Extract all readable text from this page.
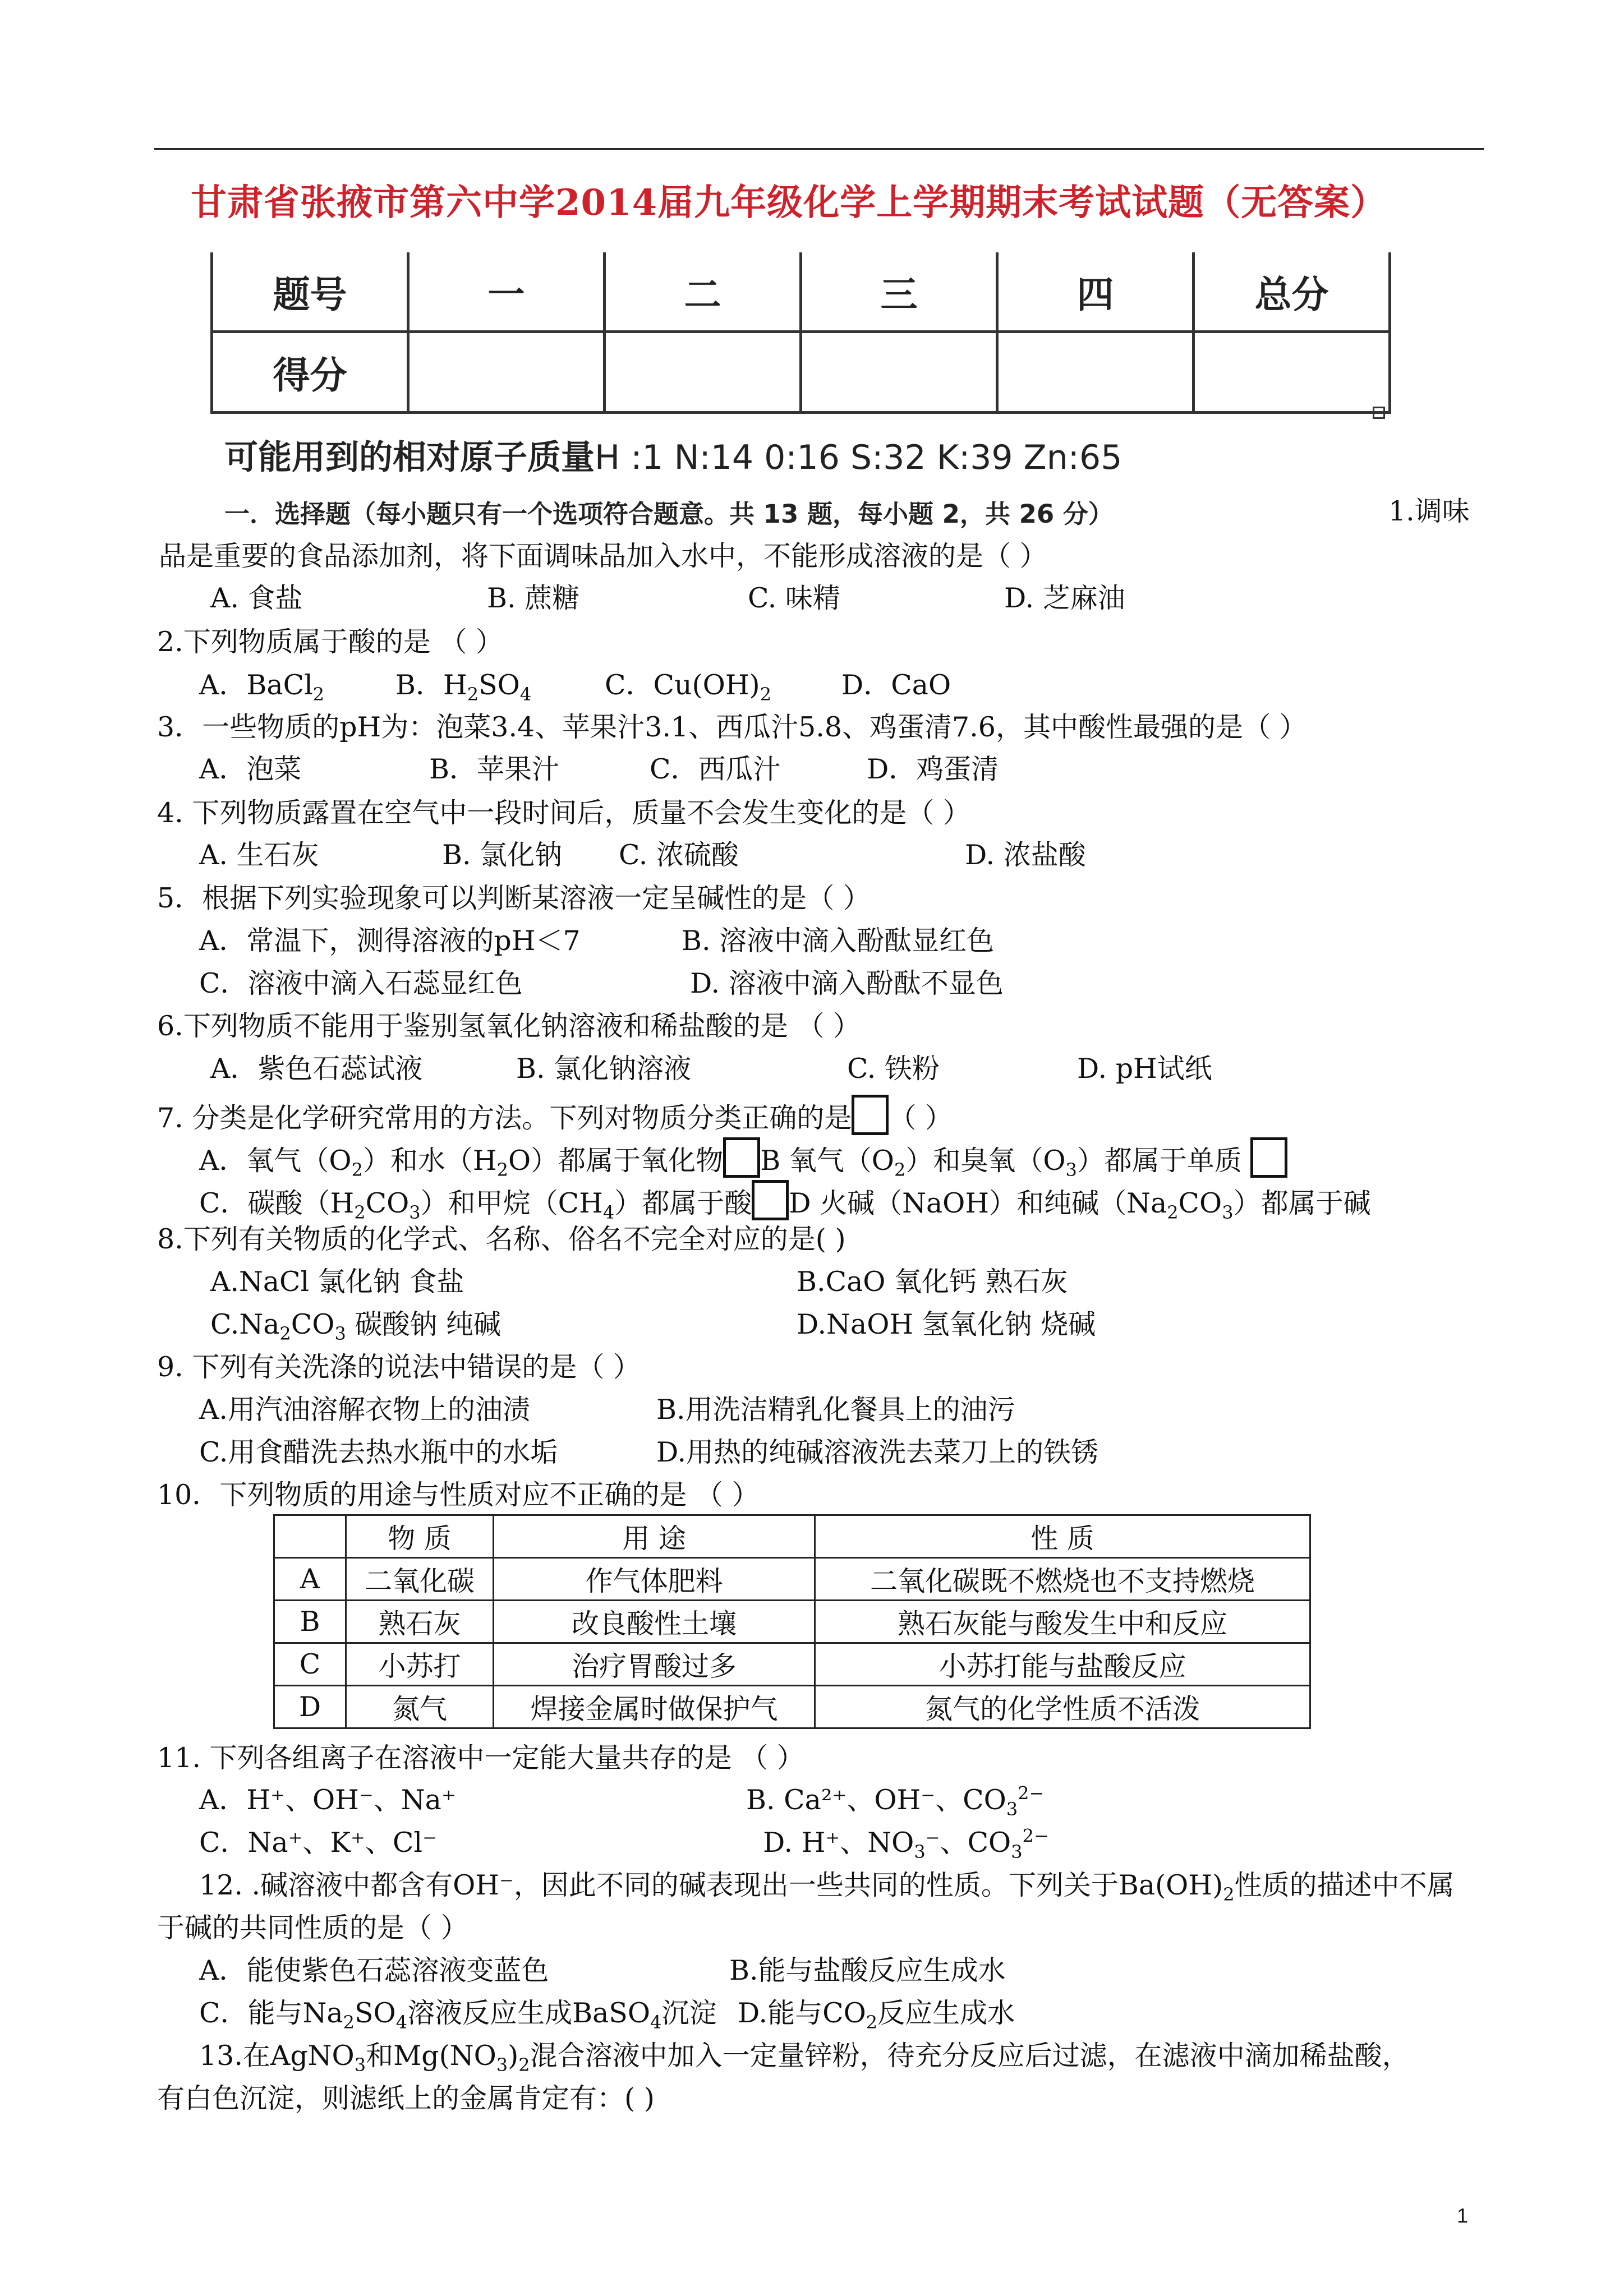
甘肃省张掖市第六中学2014届九年级化学上学期期末考试试题（无答案）
题号	一	二	三	四	总分
得分					
可能用到的相对原子质量H :1 N:14 0:16 S:32 K:39 Zn:65
一．选择题（每小题只有一个选项符合题意。共 13 题，每小题 2，共 26 分）	1.调味
品是重要的食品添加剂，将下面调味品加入水中，不能形成溶液的是（ ）
A. 食盐	B. 蔗糖	C. 味精	D. 芝麻油
2.下列物质属于酸的是 （ ）
A．BaCl$_2$	B．$H_2SO_4$	C．$Cu(OH)_2$	D．CaO
3．一些物质的pH为：泡菜3.4、苹果汁3.1、西瓜汁5.8、鸡蛋清7.6，其中酸性最强的是（ ）
A．泡菜	B．苹果汁	C．西瓜汁	D．鸡蛋清
4. 下列物质露置在空气中一段时间后，质量不会发生变化的是（ ）
A. 生石灰	B. 氯化钠 C. 浓硫酸	D. 浓盐酸
5．根据下列实验现象可以判断某溶液一定呈碱性的是（ ）
A．常温下，测得溶液的pH＜7	B. 溶液中滴入酚酞显红色
C．溶液中滴入石蕊显红色	D. 溶液中滴入酚酞不显色
6.下列物质不能用于鉴别氢氧化钠溶液和稀盐酸的是 （ ）
A．紫色石蕊试液	B. 氯化钠溶液	C. 铁粉	D. pH试纸
7. 分类是化学研究常用的方法。下列对物质分类正确的是 （ ）
A．氧气$(O_2)$和水$(H_2O)$都属于氧化物 B 氧气$(O_2)$和臭氧$(O_3)$都属于单质
C．碳酸$(H_2CO_3)$和甲烷$(CH_4)$都属于酸 D 火碱（NaOH）和纯碱$(Na_2CO_3)$都属于碱
8.下列有关物质的化学式、名称、俗名不完全对应的是( )
A.NaCl 氯化钠 食盐	B.CaO 氧化钙 熟石灰
$C.Na_2CO_3$ 碳酸钠 纯碱	D.NaOH 氢氧化钠 烧碱
9. 下列有关洗涤的说法中错误的是（ ）
A.用汽油溶解衣物上的油渍	B.用洗洁精乳化餐具上的油污
C.用食醋洗去热水瓶中的水垢	D.用热的纯碱溶液洗去菜刀上的铁锈
10．下列物质的用途与性质对应不正确的是 （ ）
	物 质	用 途	性 质
A	二氧化碳	作气体肥料	二氧化碳既不燃烧也不支持燃烧
B	熟石灰	改良酸性土壤	熟石灰能与酸发生中和反应
C	小苏打	治疗胃酸过多	小苏打能与盐酸反应
D	氮气	焊接金属时做保护气	氮气的化学性质不活泼
11. 下列各组离子在溶液中一定能大量共存的是 （ ）
A．H⁺、OH⁻、Na⁺	B. Ca²⁺、OH⁻、$CO_3^{2-}$
C．Na⁺、K⁺、Cl⁻	D. H⁺、$NO_3^-$、$CO_3^{2-}$
12. .碱溶液中都含有OH⁻，因此不同的碱表现出一些共同的性质。下列关于$Ba(OH)_2$性质的描述中不属
于碱的共同性质的是（ ）
A．能使紫色石蕊溶液变蓝色	B.能与盐酸反应生成水
C．能与$Na_2SO_4$溶液反应生成BaSO$_4$沉淀 D.能与$CO_2$反应生成水
13.在AgNO$_3$和$Mg(NO_3)_2$混合溶液中加入一定量锌粉，待充分反应后过滤，在滤液中滴加稀盐酸，
有白色沉淀，则滤纸上的金属肯定有：( )
1
